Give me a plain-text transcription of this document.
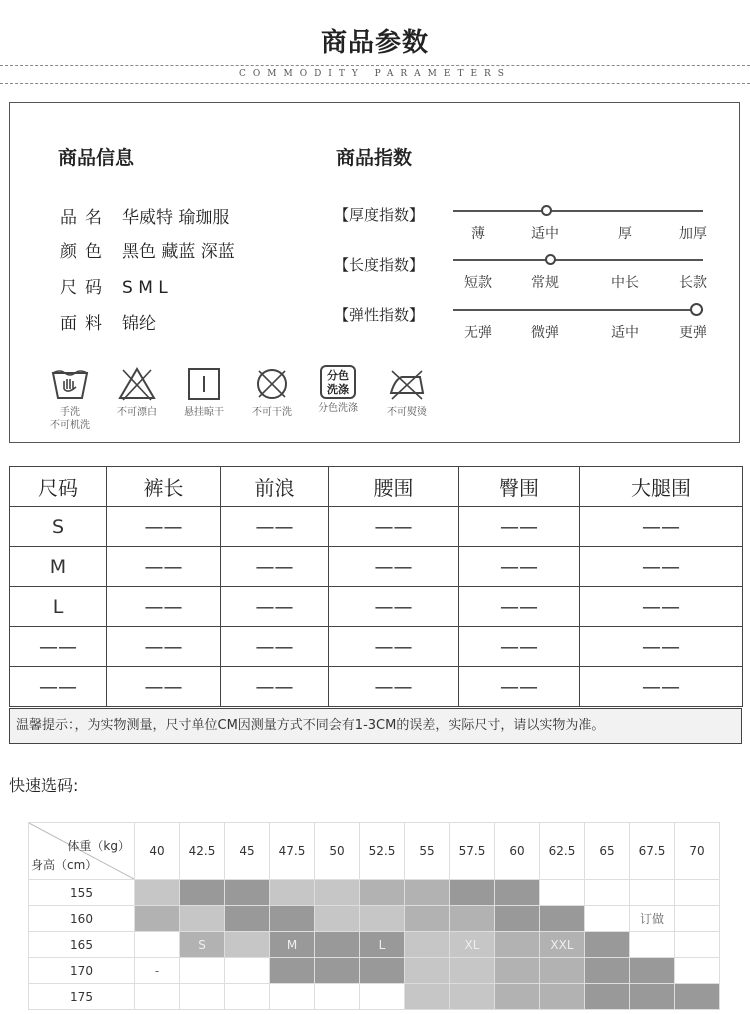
商品参数
COMMODITY PARAMETERS
商品信息	商品指数
品名 华威特 瑜珈服
颜色 黑色 藏蓝 深蓝
尺码 S M L
面料 锦纶
【厚度指数】
薄	适中	厚	加厚
【长度指数】
短款	常规	中长	长款
【弹性指数】
无弹	微弹	适中	更弹
手洗
不可机洗
不可漂白	悬挂晾干	不可干洗
分色
洗涤
分色洗涤	不可熨烫
尺码	裤长	前浪	腰围	臀围	大腿围
S	——	——	——	——	——
M	——	——	——	——	——
L	——	——	——	——	——
——	——	——	——	——	——
——	——	——	——	——	——
温馨提示：，为实物测量，尺寸单位CM因测量方式不同会有1-3CM的误差，实际尺寸，请以实物为准。
快速选码:
体重（kg）
身高（cm）	40	42.5	45	47.5	50	52.5	55	57.5	60	62.5	65	67.5	70
155													
160												订做	
165		S		M		L		XL		XXL			
170	-												
175													
